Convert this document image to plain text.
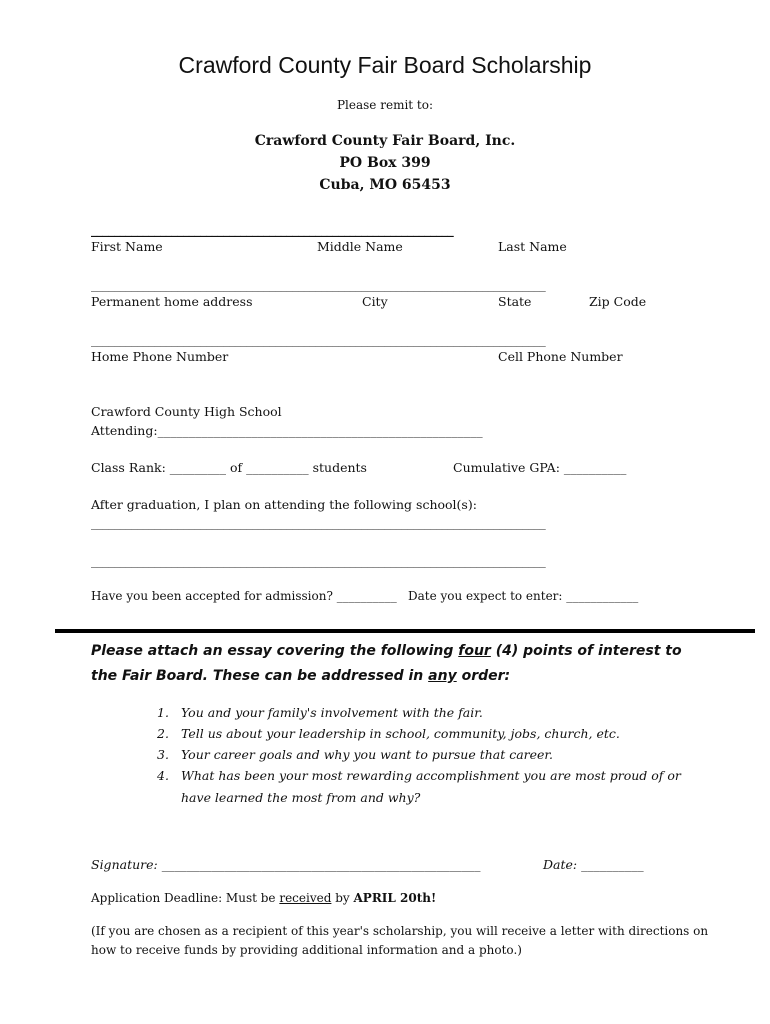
Crawford County Fair Board Scholarship
Please remit to:
Crawford County Fair Board, Inc.
PO Box 399
Cuba, MO 65453
_______________________________________________________________
First Name	Middle Name	Last Name
_______________________________________________________________________________
Permanent home address	City	State	Zip Code
_______________________________________________________________________________
Home Phone Number	Cell Phone Number
Crawford County High School
Attending:____________________________________________________
Class Rank: _________ of __________ students	Cumulative GPA: __________
After graduation, I plan on attending the following school(s):
_______________________________________________________________________________
_______________________________________________________________________________
Have you been accepted for admission? __________ Date you expect to enter: ____________
Please attach an essay covering the following four (4) points of interest to
the Fair Board. These can be addressed in any order:
1. You and your family's involvement with the fair.
2. Tell us about your leadership in school, community, jobs, church, etc.
3. Your career goals and why you want to pursue that career.
4. What has been your most rewarding accomplishment you are most proud of or
have learned the most from and why?
Signature: ___________________________________________________	Date: __________
Application Deadline: Must be received by APRIL 20th!
(If you are chosen as a recipient of this year's scholarship, you will receive a letter with directions on
how to receive funds by providing additional information and a photo.)
